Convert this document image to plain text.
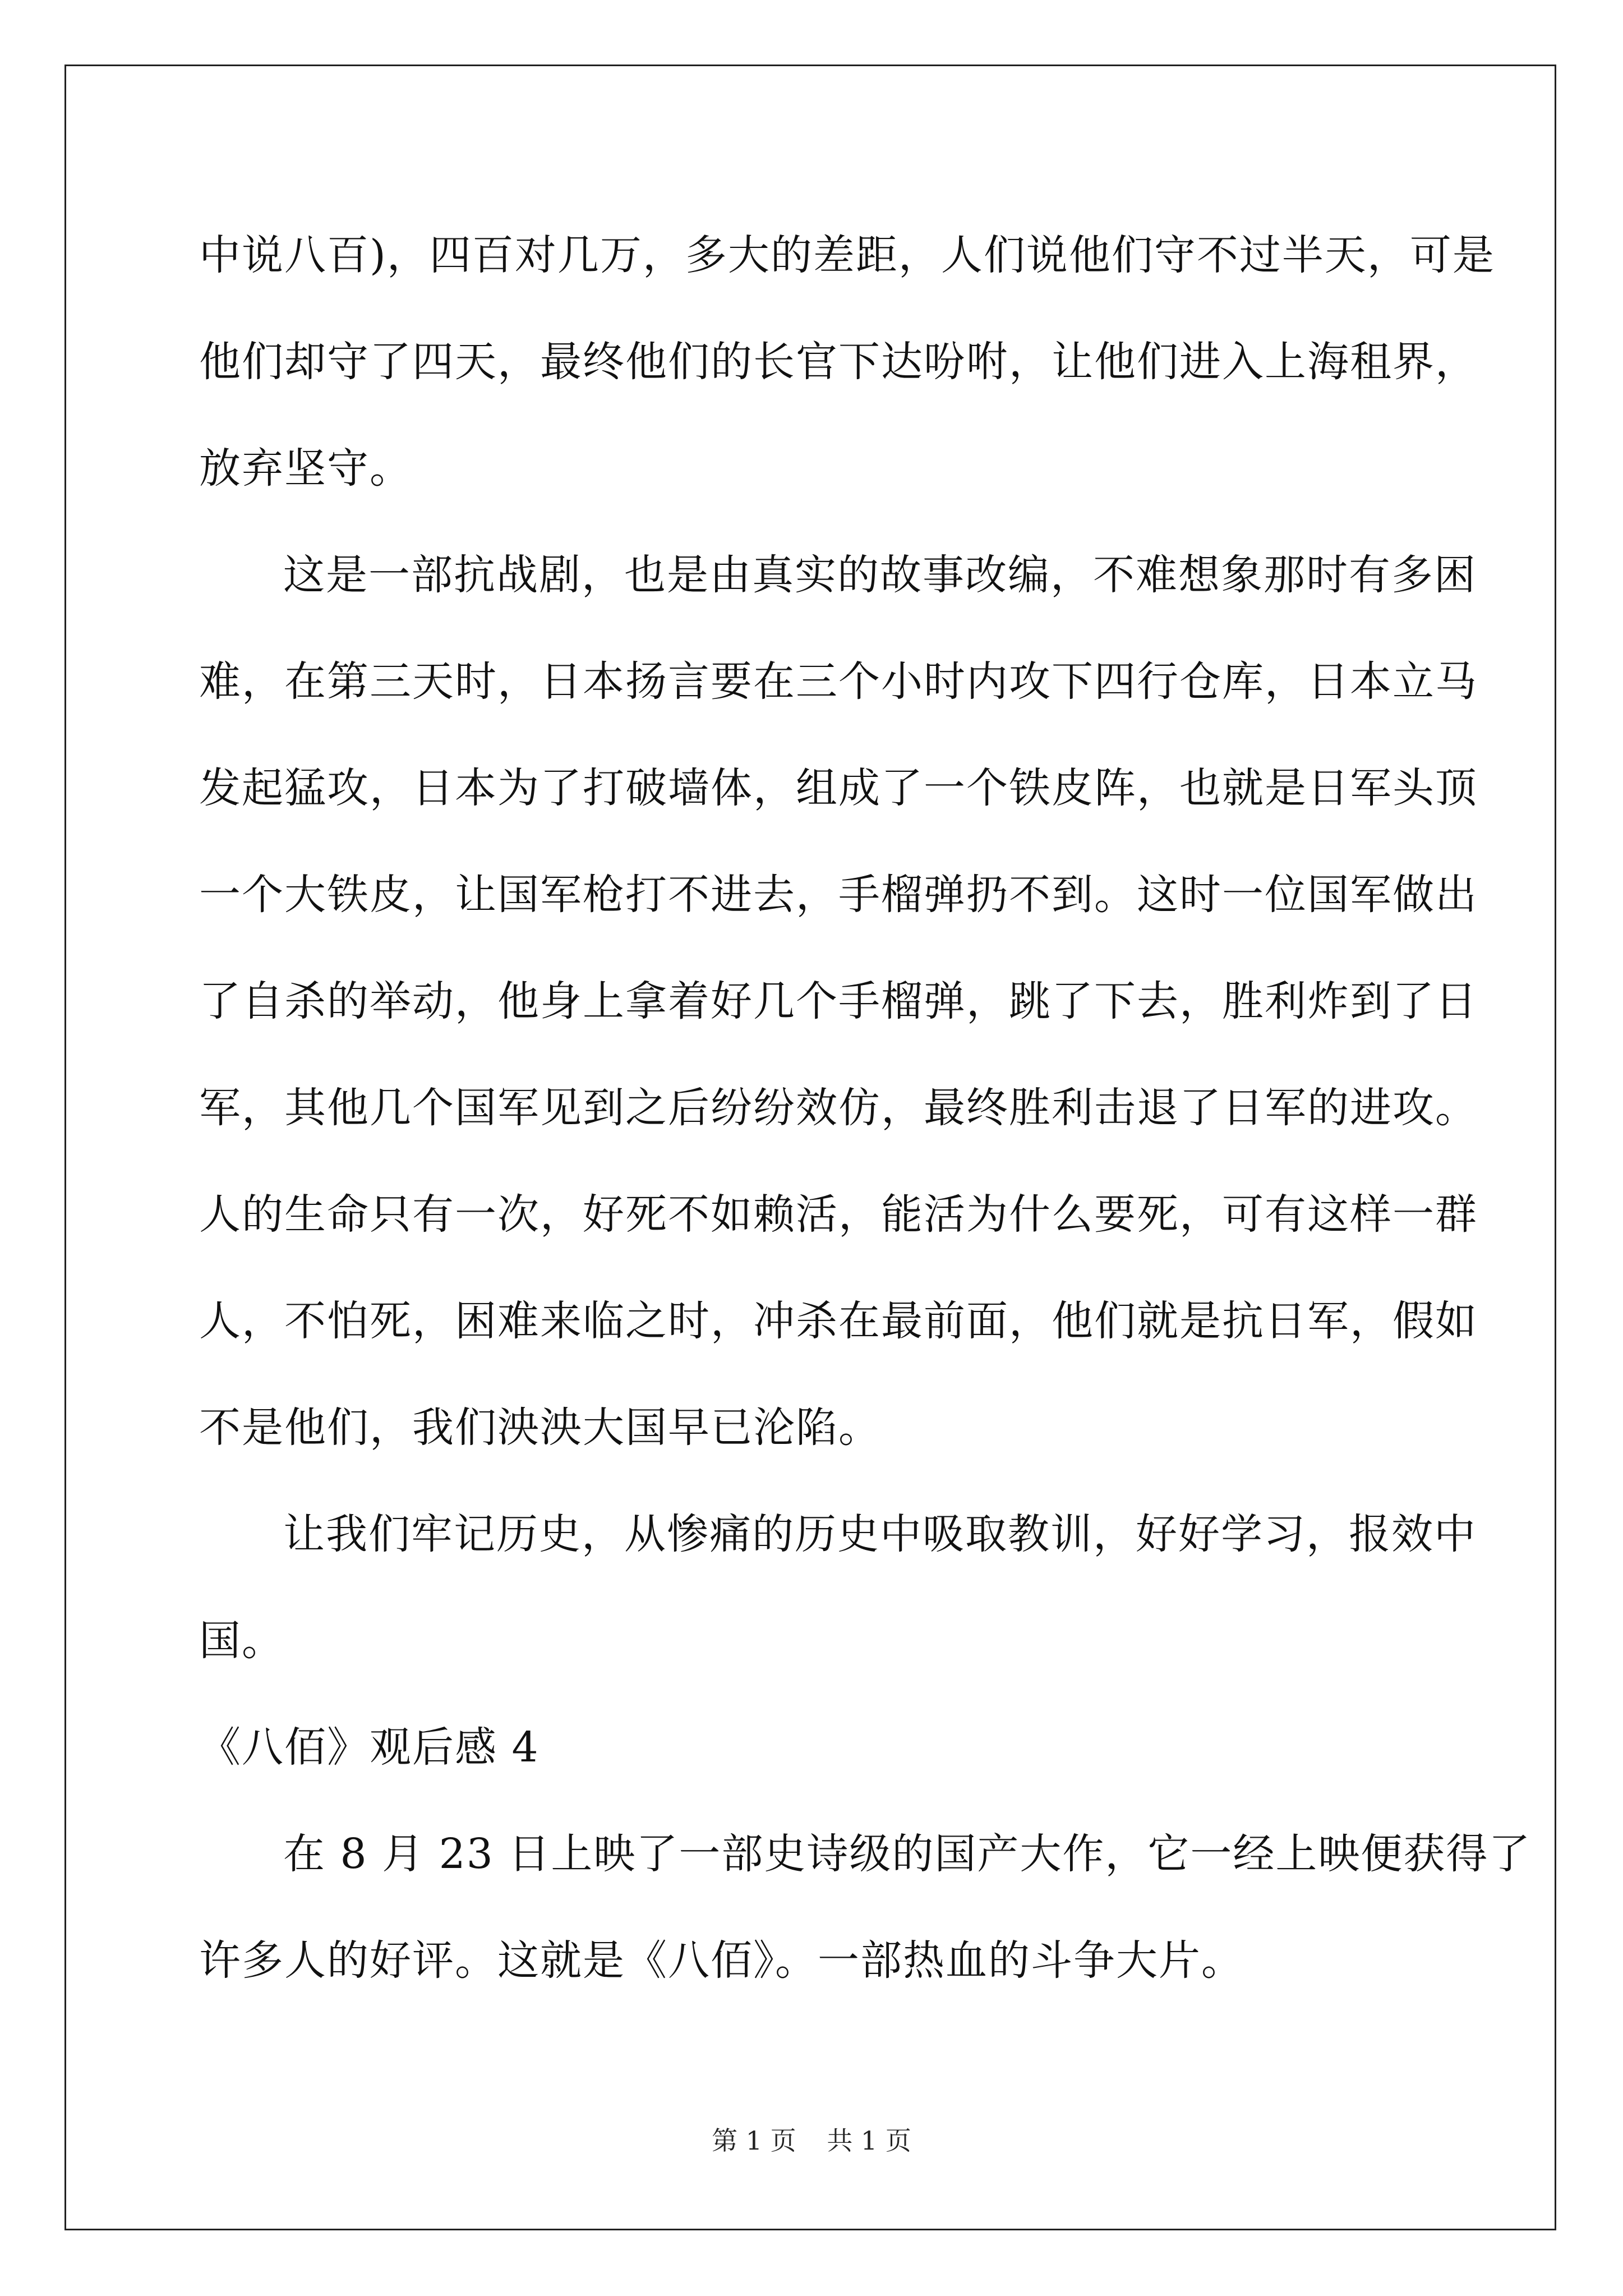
中说八百)，四百对几万，多大的差距，人们说他们守不过半天，可是
他们却守了四天，最终他们的长官下达吩咐，让他们进入上海租界，
放弃坚守。
这是一部抗战剧，也是由真实的故事改编，不难想象那时有多困
难，在第三天时，日本扬言要在三个小时内攻下四行仓库，日本立马
发起猛攻，日本为了打破墙体，组成了一个铁皮阵，也就是日军头顶
一个大铁皮，让国军枪打不进去，手榴弹扔不到。这时一位国军做出
了自杀的举动，他身上拿着好几个手榴弹，跳了下去，胜利炸到了日
军，其他几个国军见到之后纷纷效仿，最终胜利击退了日军的进攻。
人的生命只有一次，好死不如赖活，能活为什么要死，可有这样一群
人，不怕死，困难来临之时，冲杀在最前面，他们就是抗日军，假如
不是他们，我们泱泱大国早已沦陷。
让我们牢记历史，从惨痛的历史中吸取教训，好好学习，报效中
国。
《八佰》观后感 4
在 8 月 23 日上映了一部史诗级的国产大作，它一经上映便获得了
许多人的好评。这就是《八佰》。一部热血的斗争大片。
第 1 页 共 1 页
